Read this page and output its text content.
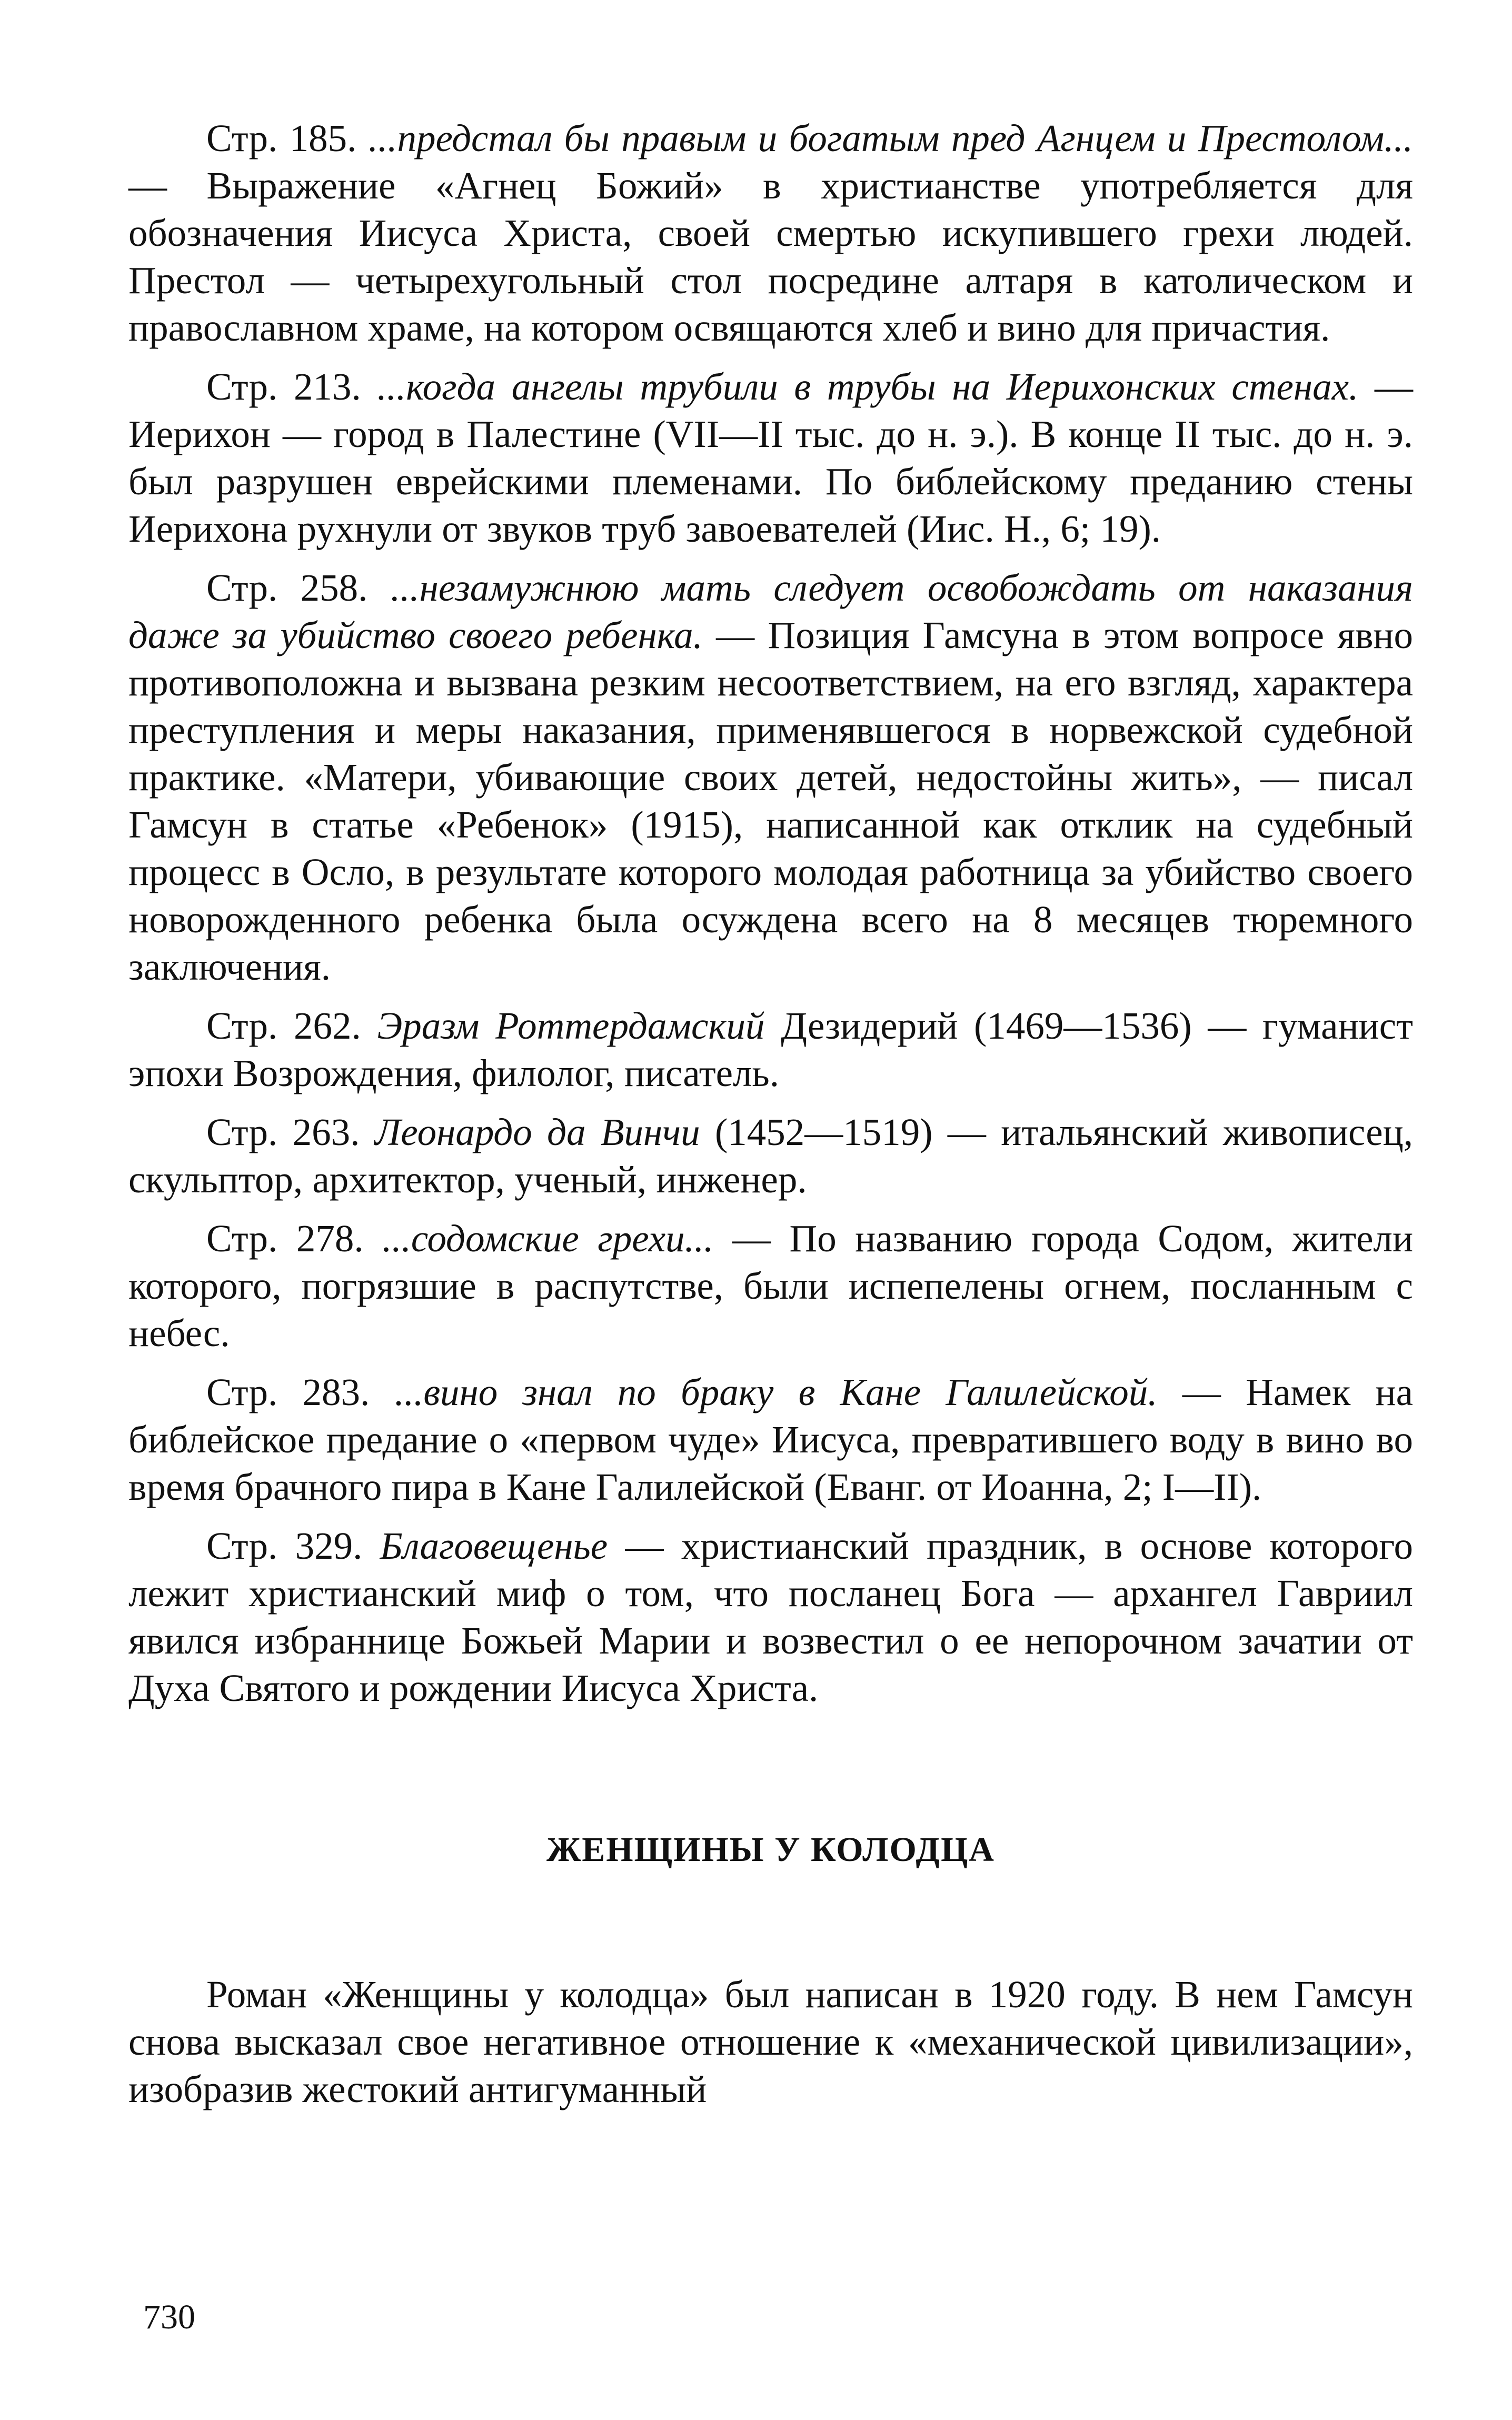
Стр. 185. ...предстал бы правым и богатым пред Агнцем и Престолом... — Выражение «Агнец Божий» в христианстве употребляется для обозначения Иисуса Христа, своей смертью искупившего грехи людей. Престол — четырехугольный стол посредине алтаря в католическом и православном храме, на котором освящаются хлеб и вино для причастия.

Стр. 213. ...когда ангелы трубили в трубы на Иерихонских стенах. — Иерихон — город в Палестине (VII—II тыс. до н. э.). В конце II тыс. до н. э. был разрушен еврейскими племенами. По библейскому преданию стены Иерихона рухнули от звуков труб завоевателей (Иис. Н., 6; 19).

Стр. 258. ...незамужнюю мать следует освобождать от наказания даже за убийство своего ребенка. — Позиция Гамсуна в этом вопросе явно противоположна и вызвана резким несоответствием, на его взгляд, характера преступления и меры наказания, применявшегося в норвежской судебной практике. «Матери, убивающие своих детей, недостойны жить», — писал Гамсун в статье «Ребенок» (1915), написанной как отклик на судебный процесс в Осло, в результате которого молодая работница за убийство своего новорожденного ребенка была осуждена всего на 8 месяцев тюремного заключения.

Стр. 262. Эразм Роттердамский Дезидерий (1469—1536) — гуманист эпохи Возрождения, филолог, писатель.

Стр. 263. Леонардо да Винчи (1452—1519) — итальянский живописец, скульптор, архитектор, ученый, инженер.

Стр. 278. ...содомские грехи... — По названию города Содом, жители которого, погрязшие в распутстве, были испепелены огнем, посланным с небес.

Стр. 283. ...вино знал по браку в Кане Галилейской. — Намек на библейское предание о «первом чуде» Иисуса, превратившего воду в вино во время брачного пира в Кане Галилейской (Еванг. от Иоанна, 2; I—II).

Стр. 329. Благовещенье — христианский праздник, в основе которого лежит христианский миф о том, что посланец Бога — архангел Гавриил явился избраннице Божьей Марии и возвестил о ее непорочном зачатии от Духа Святого и рождении Иисуса Христа.

ЖЕНЩИНЫ У КОЛОДЦА

Роман «Женщины у колодца» был написан в 1920 году. В нем Гамсун снова высказал свое негативное отношение к «механической цивилизации», изобразив жестокий антигуманный

730
